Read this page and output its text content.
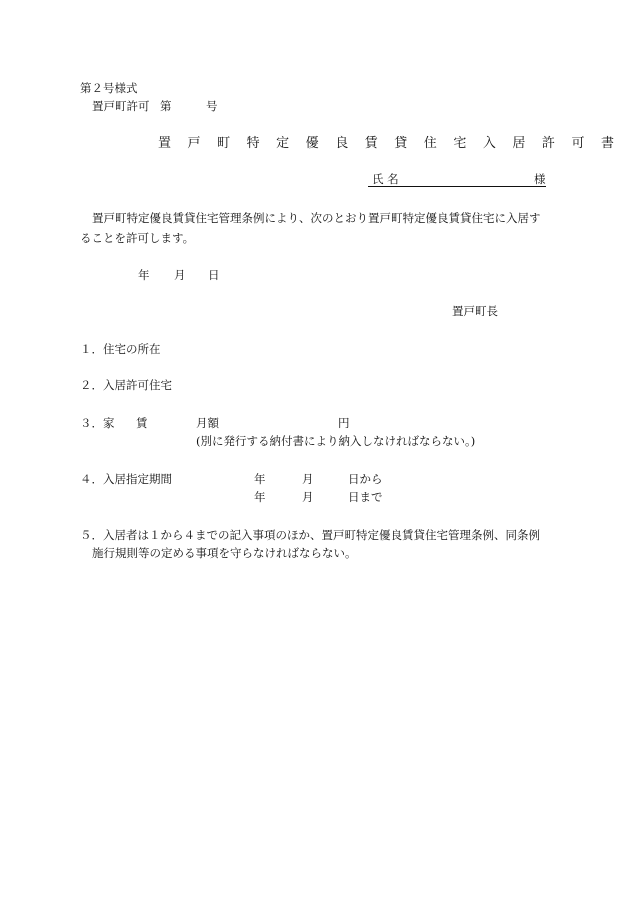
第２号様式
置戸町許可 第	号
置 戸 町 特 定 優 良 賃 貸 住 宅 入 居 許 可 書
氏 名	様
置戸町特定優良賃貸住宅管理条例により、次のとおり置戸町特定優良賃貸住宅に入居することを許可します。
年 月 日
置戸町長
１．住宅の所在
２．入居許可住宅
３．家 賃	月額	円
(別に発行する納付書により納入しなければならない。)
４．入居指定期間	年	月	日から
年	月	日まで
５．入居者は１から４までの記入事項のほか、置戸町特定優良賃貸住宅管理条例、同条例
施行規則等の定める事項を守らなければならない。
